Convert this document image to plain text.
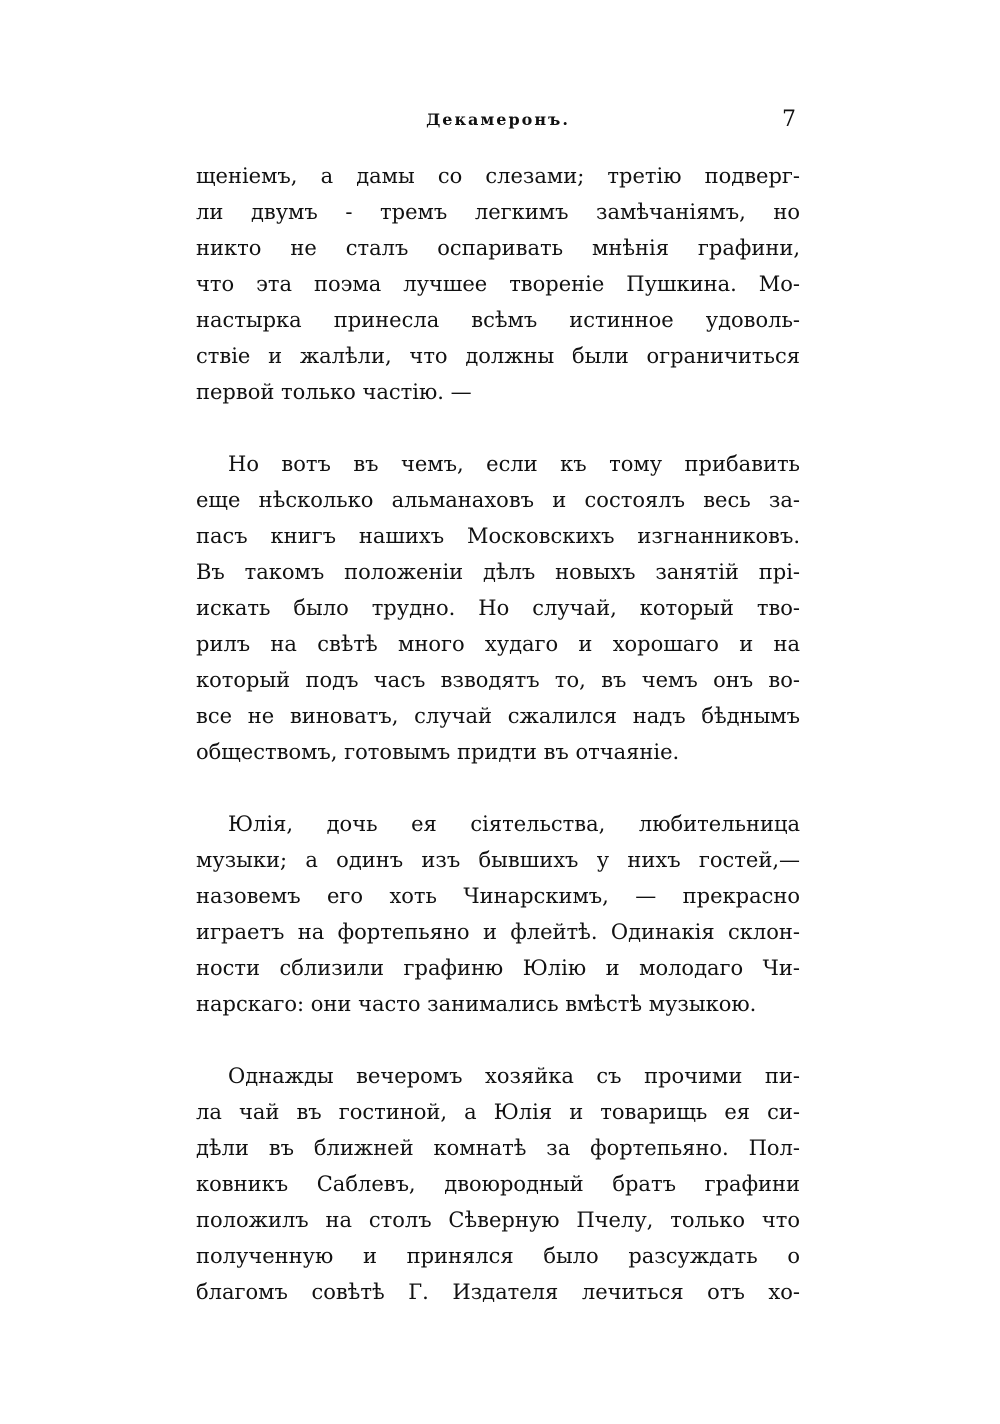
Декамеронъ.	7

щеніемъ, а дамы со слезами; третію подверг-
ли двумъ - тремъ легкимъ замѣчаніямъ, но
никто не сталъ оспаривать мнѣнія графини,
что эта поэма лучшее твореніе Пушкина. Мо-
настырка принесла всѣмъ истинное удоволь-
ствіе и жалѣли, что должны были ограничиться
первой только частію. —

Но вотъ въ чемъ, если къ тому прибавить
еще нѣсколько альманаховъ и состоялъ весь за-
пасъ книгъ нашихъ Московскихъ изгнанниковъ.
Въ такомъ положеніи дѣлъ новыхъ занятій прі-
искать было трудно. Но случай, который тво-
рилъ на свѣтѣ много худаго и хорошаго и на
который подъ часъ взводятъ то, въ чемъ онъ во-
все не виноватъ, случай сжалился надъ бѣднымъ
обществомъ, готовымъ придти въ отчаяніе.

Юлія, дочь ея сіятельства, любительница
музыки; а одинъ изъ бывшихъ у нихъ гостей,—
назовемъ его хоть Чинарскимъ, — прекрасно
играетъ на фортепьяно и флейтѣ. Одинакія склон-
ности сблизили графиню Юлію и молодаго Чи-
нарскаго: они часто занимались вмѣстѣ музыкою.

Однажды вечеромъ хозяйка съ прочими пи-
ла чай въ гостиной, а Юлія и товарищь ея си-
дѣли въ ближней комнатѣ за фортепьяно. Пол-
ковникъ Саблевъ, двоюродный братъ графини
положилъ на столъ Сѣверную Пчелу, только что
полученную и принялся было разсуждать о
благомъ совѣтѣ Г. Издателя лечиться отъ хо-
